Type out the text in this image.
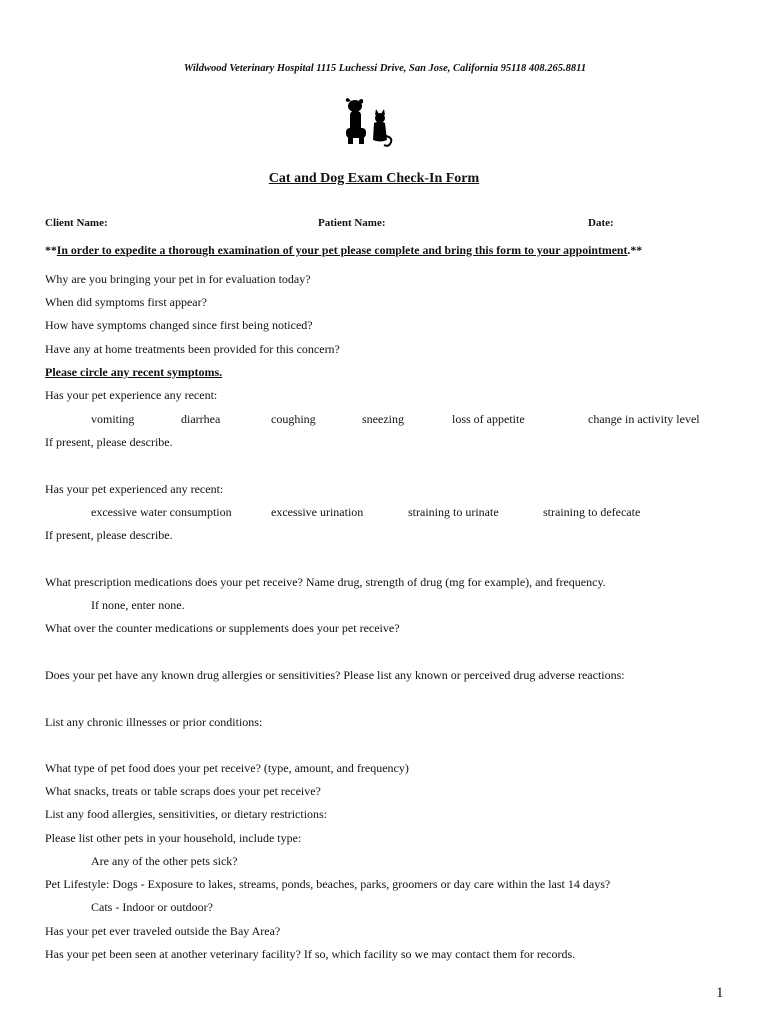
Wildwood Veterinary Hospital 1115 Luchessi Drive, San Jose, California 95118 408.265.8811
Cat and Dog Exam Check-In Form
Client Name:	Patient Name:	Date:
**In order to expedite a thorough examination of your pet please complete and bring this form to your appointment.**
Why are you bringing your pet in for evaluation today?
When did symptoms first appear?
How have symptoms changed since first being noticed?
Have any at home treatments been provided for this concern?
Please circle any recent symptoms.
Has your pet experience any recent:
vomiting	diarrhea	coughing	sneezing	loss of appetite	change in activity level
If present, please describe.
Has your pet experienced any recent:
excessive water consumption	excessive urination	straining to urinate	straining to defecate
If present, please describe.
What prescription medications does your pet receive? Name drug, strength of drug (mg for example), and frequency.
If none, enter none.
What over the counter medications or supplements does your pet receive?
Does your pet have any known drug allergies or sensitivities? Please list any known or perceived drug adverse reactions:
List any chronic illnesses or prior conditions:
What type of pet food does your pet receive? (type, amount, and frequency)
What snacks, treats or table scraps does your pet receive?
List any food allergies, sensitivities, or dietary restrictions:
Please list other pets in your household, include type:
Are any of the other pets sick?
Pet Lifestyle: Dogs - Exposure to lakes, streams, ponds, beaches, parks, groomers or day care within the last 14 days?
Cats - Indoor or outdoor?
Has your pet ever traveled outside the Bay Area?
Has your pet been seen at another veterinary facility? If so, which facility so we may contact them for records.
1
